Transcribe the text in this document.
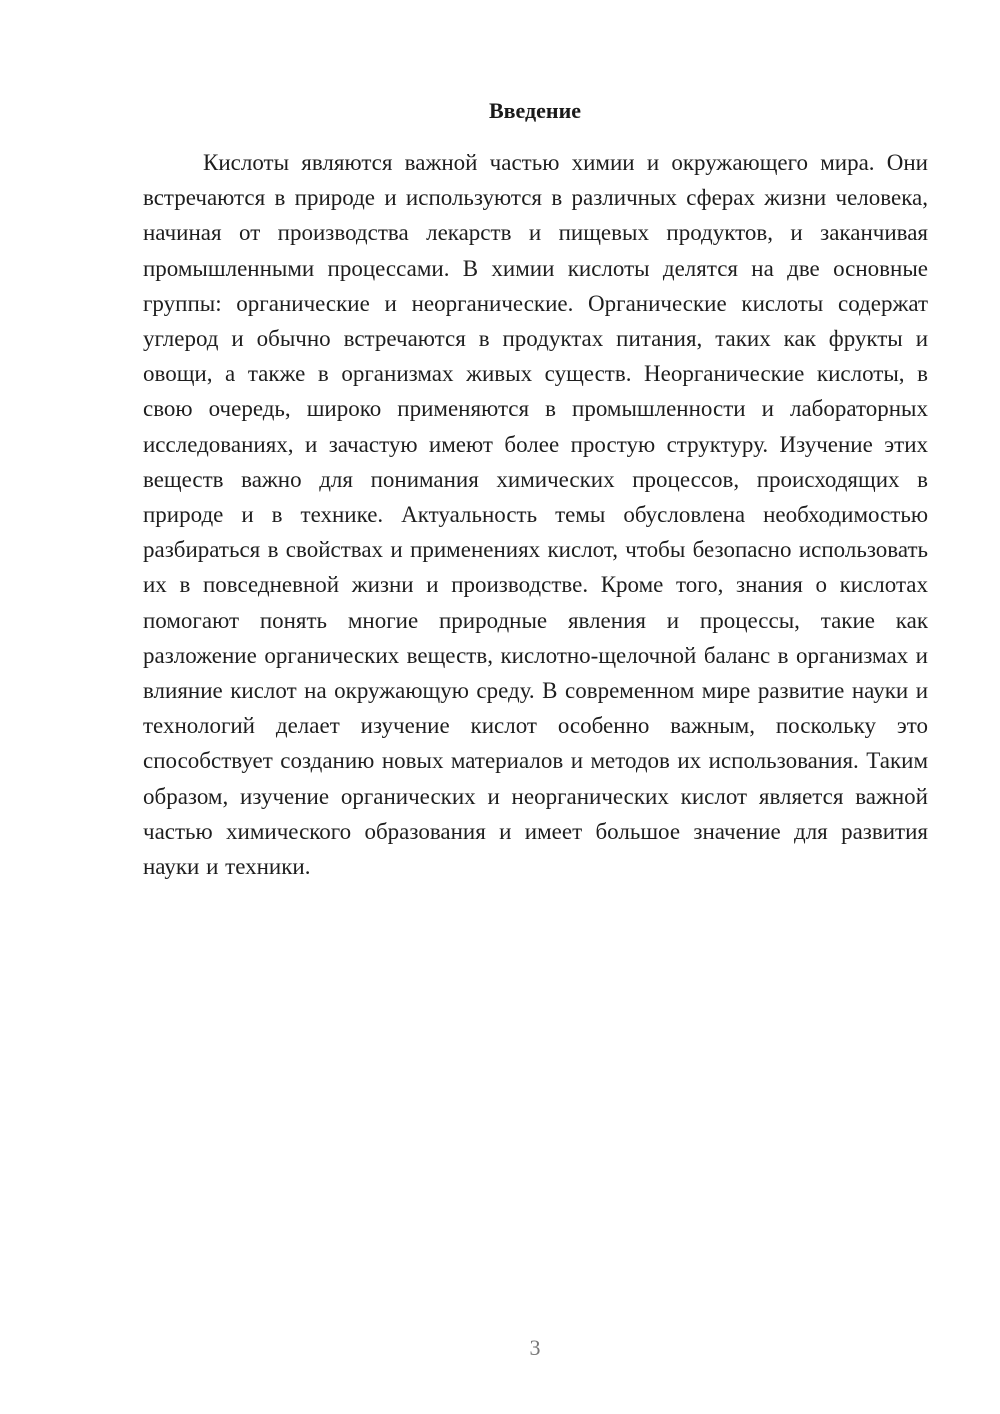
Введение

Кислоты являются важной частью химии и окружающего мира. Они встречаются в природе и используются в различных сферах жизни человека, начиная от производства лекарств и пищевых продуктов, и заканчивая промышленными процессами. В химии кислоты делятся на две основные группы: органические и неорганические. Органические кислоты содержат углерод и обычно встречаются в продуктах питания, таких как фрукты и овощи, а также в организмах живых существ. Неорганические кислоты, в свою очередь, широко применяются в промышленности и лабораторных исследованиях, и зачастую имеют более простую структуру. Изучение этих веществ важно для понимания химических процессов, происходящих в природе и в технике. Актуальность темы обусловлена необходимостью разбираться в свойствах и применениях кислот, чтобы безопасно использовать их в повседневной жизни и производстве. Кроме того, знания о кислотах помогают понять многие природные явления и процессы, такие как разложение органических веществ, кислотно-щелочной баланс в организмах и влияние кислот на окружающую среду. В современном мире развитие науки и технологий делает изучение кислот особенно важным, поскольку это способствует созданию новых материалов и методов их использования. Таким образом, изучение органических и неорганических кислот является важной частью химического образования и имеет большое значение для развития науки и техники.

3
